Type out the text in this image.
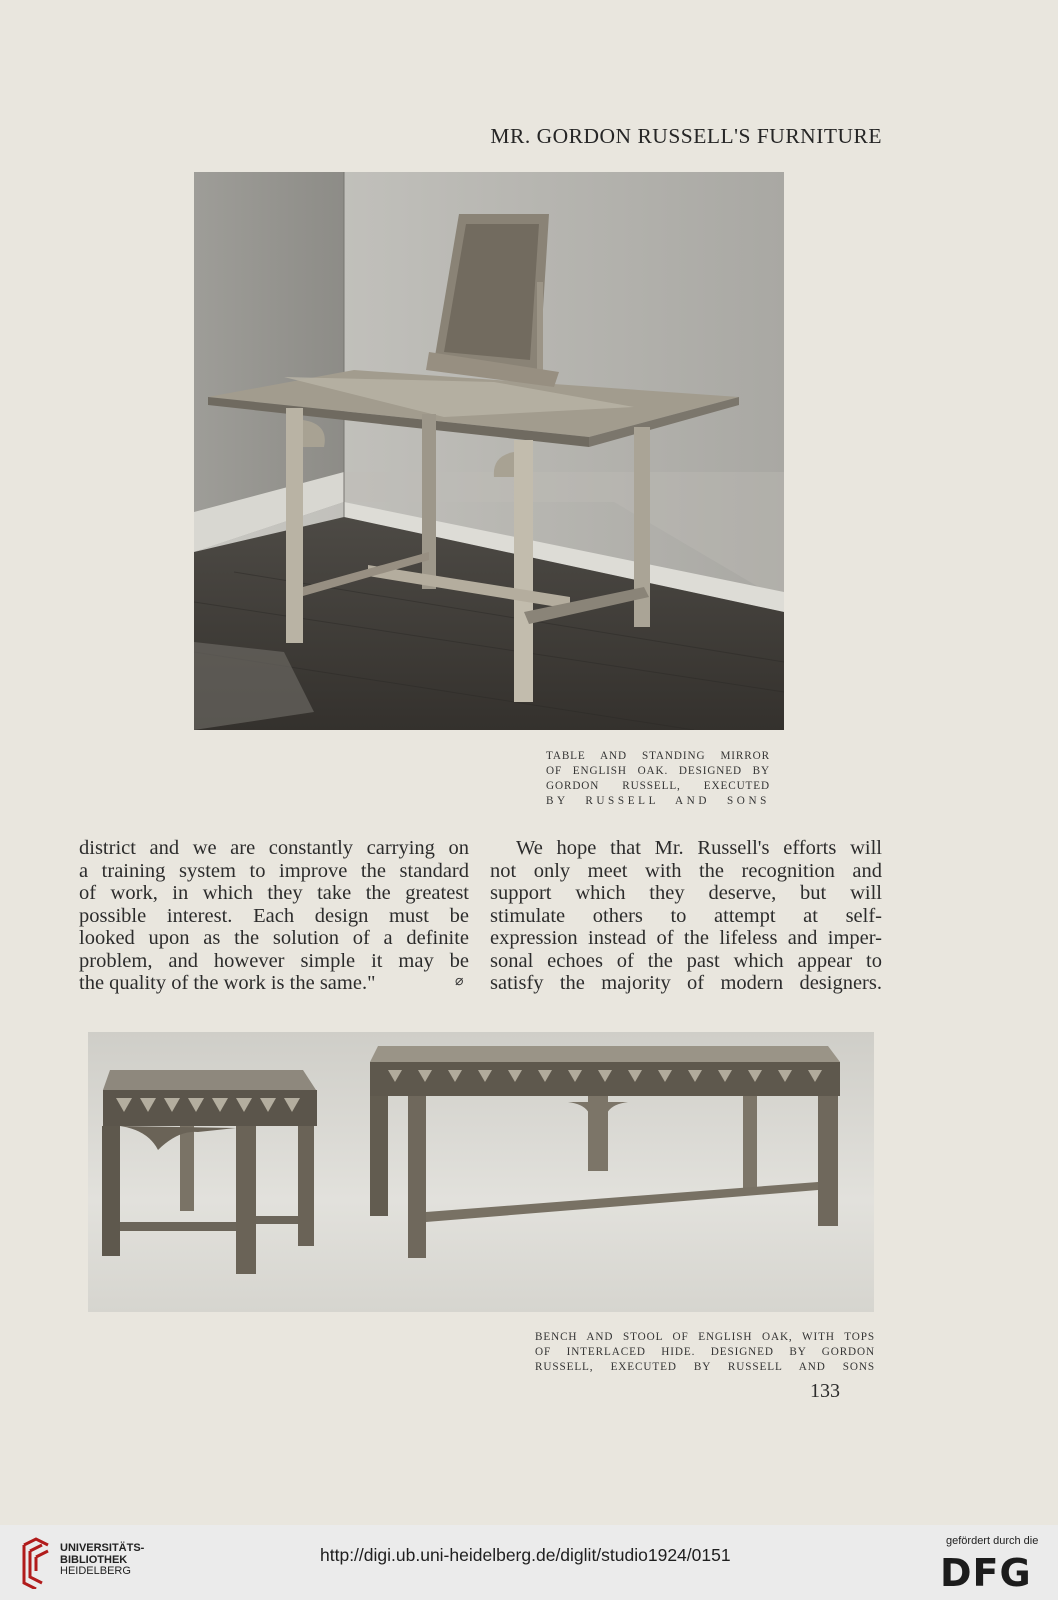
MR. GORDON RUSSELL'S FURNITURE
TABLE AND STANDING MIRROR
OF ENGLISH OAK. DESIGNED BY
GORDON RUSSELL, EXECUTED
BY RUSSELL AND SONS
district and we are constantly carrying on
a training system to improve the standard
of work, in which they take the greatest
possible interest. Each design must be
looked upon as the solution of a definite
problem, and however simple it may be
the quality of the work is the same."	⌀
We hope that Mr. Russell's efforts will
not only meet with the recognition and
support which they deserve, but will
stimulate others to attempt at self-
expression instead of the lifeless and imper-
sonal echoes of the past which appear to
satisfy the majority of modern designers.
BENCH AND STOOL OF ENGLISH OAK, WITH TOPS
OF INTERLACED HIDE. DESIGNED BY GORDON
RUSSELL, EXECUTED BY RUSSELL AND SONS
133
UNIVERSITÄTS-
BIBLIOTHEK
HEIDELBERG
http://digi.ub.uni-heidelberg.de/diglit/studio1924/0151
gefördert durch die
DFG
